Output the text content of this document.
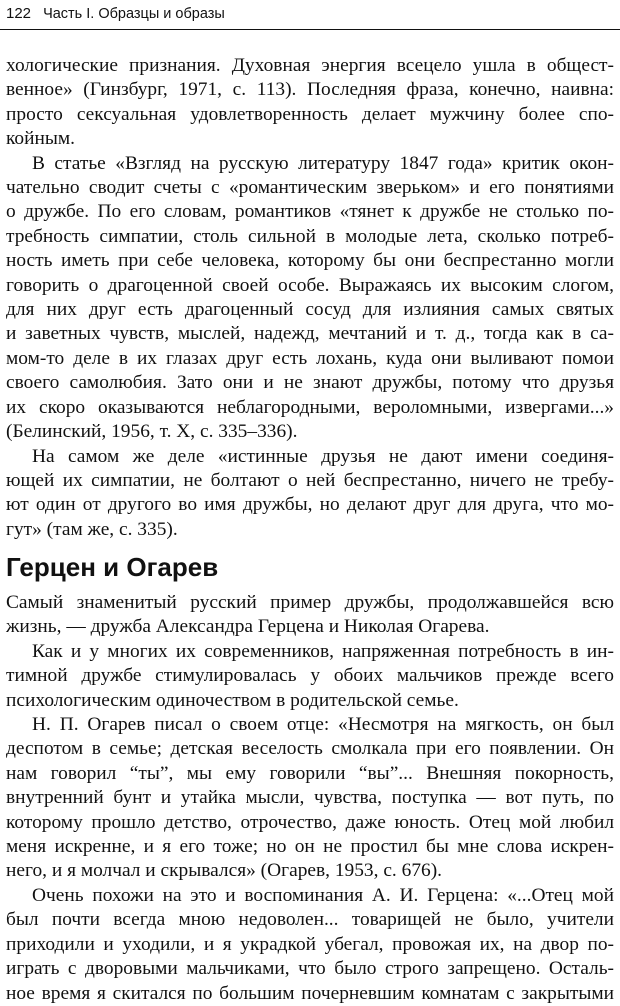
122 Часть I. Образцы и образы
хологические признания. Духовная энергия всецело ушла в общест-
венное» (Гинзбург, 1971, с. 113). Последняя фраза, конечно, наивна:
просто сексуальная удовлетворенность делает мужчину более спо-
койным.
В статье «Взгляд на русскую литературу 1847 года» критик окон-
чательно сводит счеты с «романтическим зверьком» и его понятиями
о дружбе. По его словам, романтиков «тянет к дружбе не столько по-
требность симпатии, столь сильной в молодые лета, сколько потреб-
ность иметь при себе человека, которому бы они беспрестанно могли
говорить о драгоценной своей особе. Выражаясь их высоким слогом,
для них друг есть драгоценный сосуд для излияния самых святых
и заветных чувств, мыслей, надежд, мечтаний и т. д., тогда как в са-
мом-то деле в их глазах друг есть лохань, куда они выливают помои
своего самолюбия. Зато они и не знают дружбы, потому что друзья
их скоро оказываются неблагородными, вероломными, извергами...»
(Белинский, 1956, т. X, с. 335–336).
На самом же деле «истинные друзья не дают имени соединя-
ющей их симпатии, не болтают о ней беспрестанно, ничего не требу-
ют один от другого во имя дружбы, но делают друг для друга, что мо-
гут» (там же, с. 335).
Герцен и Огарев
Самый знаменитый русский пример дружбы, продолжавшейся всю
жизнь, — дружба Александра Герцена и Николая Огарева.
Как и у многих их современников, напряженная потребность в ин-
тимной дружбе стимулировалась у обоих мальчиков прежде всего
психологическим одиночеством в родительской семье.
Н. П. Огарев писал о своем отце: «Несмотря на мягкость, он был
деспотом в семье; детская веселость смолкала при его появлении. Он
нам говорил “ты”, мы ему говорили “вы”... Внешняя покорность,
внутренний бунт и утайка мысли, чувства, поступка — вот путь, по
которому прошло детство, отрочество, даже юность. Отец мой любил
меня искренне, и я его тоже; но он не простил бы мне слова искрен-
него, и я молчал и скрывался» (Огарев, 1953, с. 676).
Очень похожи на это и воспоминания А. И. Герцена: «...Отец мой
был почти всегда мною недоволен... товарищей не было, учители
приходили и уходили, и я украдкой убегал, провожая их, на двор по-
играть с дворовыми мальчиками, что было строго запрещено. Осталь-
ное время я скитался по большим почерневшим комнатам с закрытыми
